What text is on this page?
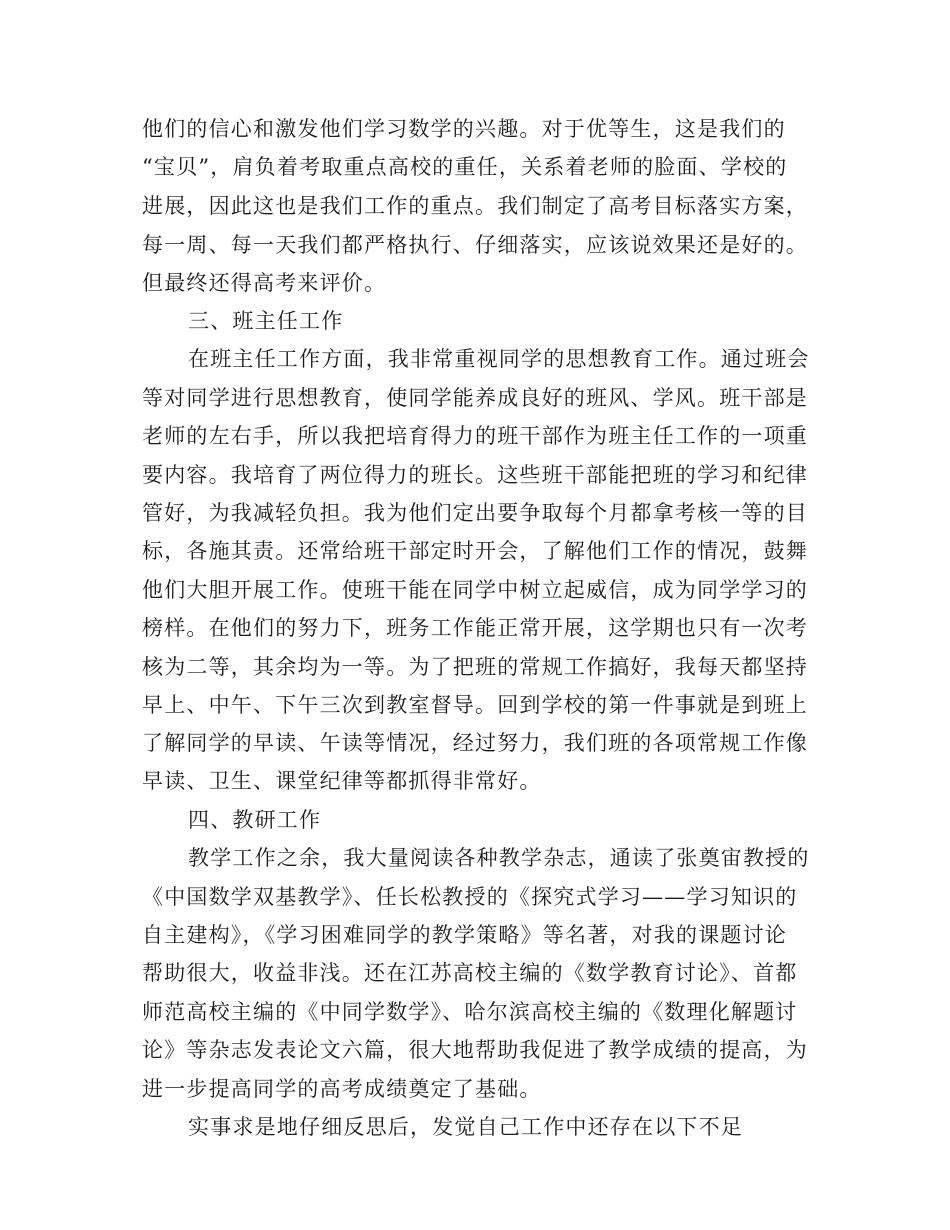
他们的信心和激发他们学习数学的兴趣。对于优等生，这是我们的
“宝贝”，肩负着考取重点高校的重任，关系着老师的脸面、学校的
进展，因此这也是我们工作的重点。我们制定了高考目标落实方案，
每一周、每一天我们都严格执行、仔细落实，应该说效果还是好的。
但最终还得高考来评价。
三、班主任工作
在班主任工作方面，我非常重视同学的思想教育工作。通过班会
等对同学进行思想教育，使同学能养成良好的班风、学风。班干部是
老师的左右手，所以我把培育得力的班干部作为班主任工作的一项重
要内容。我培育了两位得力的班长。这些班干部能把班的学习和纪律
管好，为我减轻负担。我为他们定出要争取每个月都拿考核一等的目
标，各施其责。还常给班干部定时开会，了解他们工作的情况，鼓舞
他们大胆开展工作。使班干能在同学中树立起威信，成为同学学习的
榜样。在他们的努力下，班务工作能正常开展，这学期也只有一次考
核为二等，其余均为一等。为了把班的常规工作搞好，我每天都坚持
早上、中午、下午三次到教室督导。回到学校的第一件事就是到班上
了解同学的早读、午读等情况，经过努力，我们班的各项常规工作像
早读、卫生、课堂纪律等都抓得非常好。
四、教研工作
教学工作之余，我大量阅读各种教学杂志，通读了张奠宙教授的
《中国数学双基教学》、任长松教授的《探究式学习——学习知识的
自主建构》，《学习困难同学的教学策略》等名著，对我的课题讨论
帮助很大，收益非浅。还在江苏高校主编的《数学教育讨论》、首都
师范高校主编的《中同学数学》、哈尔滨高校主编的《数理化解题讨
论》等杂志发表论文六篇，很大地帮助我促进了教学成绩的提高，为
进一步提高同学的高考成绩奠定了基础。
实事求是地仔细反思后，发觉自己工作中还存在以下不足
